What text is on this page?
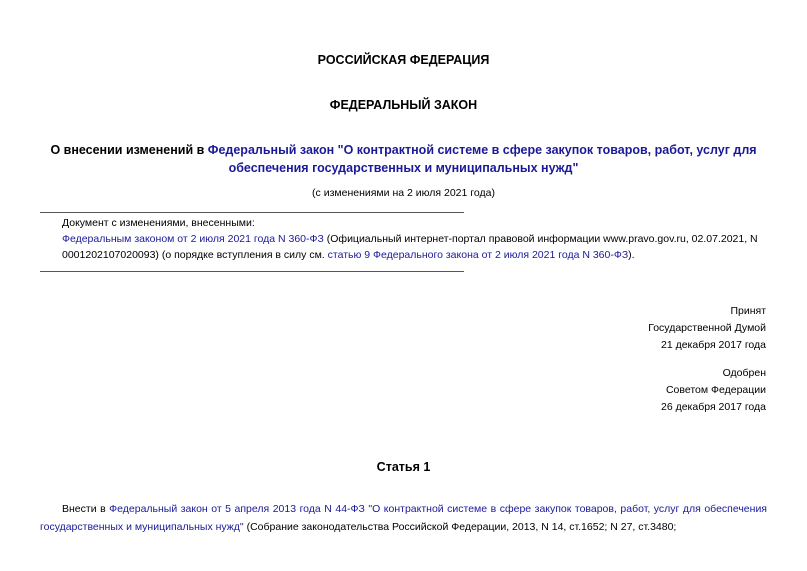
РОССИЙСКАЯ ФЕДЕРАЦИЯ
ФЕДЕРАЛЬНЫЙ ЗАКОН
О внесении изменений в Федеральный закон "О контрактной системе в сфере закупок товаров, работ, услуг для обеспечения государственных и муниципальных нужд"
(с изменениями на 2 июля 2021 года)
Документ с изменениями, внесенными:
Федеральным законом от 2 июля 2021 года N 360-ФЗ (Официальный интернет-портал правовой информации www.pravo.gov.ru, 02.07.2021, N 0001202107020093) (о порядке вступления в силу см. статью 9 Федерального закона от 2 июля 2021 года N 360-ФЗ).
Принят
Государственной Думой
21 декабря 2017 года
Одобрен
Советом Федерации
26 декабря 2017 года
Статья 1
Внести в Федеральный закон от 5 апреля 2013 года N 44-ФЗ "О контрактной системе в сфере закупок товаров, работ, услуг для обеспечения государственных и муниципальных нужд" (Собрание законодательства Российской Федерации, 2013, N 14, ст.1652; N 27, ст.3480;
